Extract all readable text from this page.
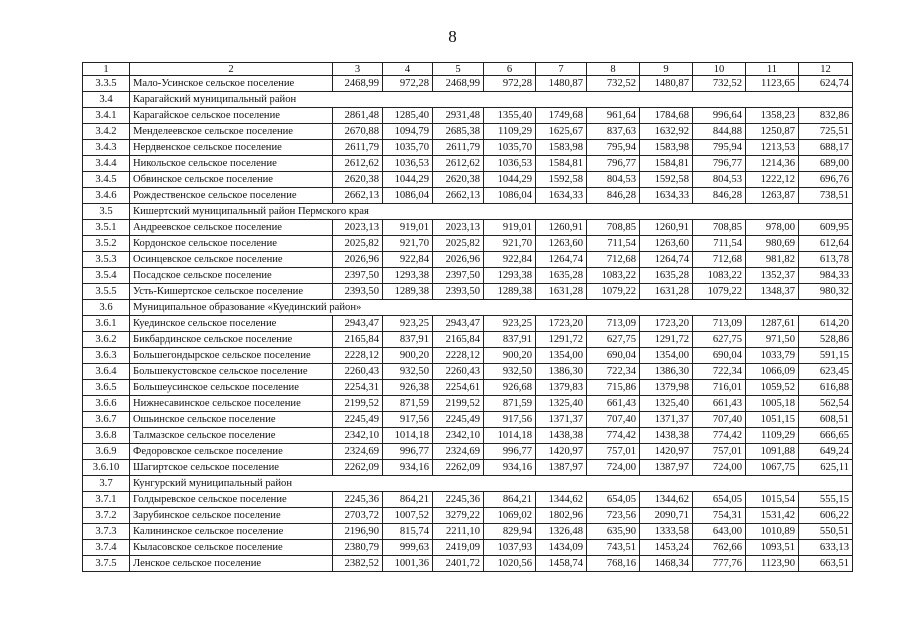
8
1	2	3	4	5	6	7	8	9	10	11	12
3.3.5	Мало-Усинское сельское поселение	2468,99	972,28	2468,99	972,28	1480,87	732,52	1480,87	732,52	1123,65	624,74
3.4	Карагайский муниципальный район										
3.4.1	Карагайское сельское поселение	2861,48	1285,40	2931,48	1355,40	1749,68	961,64	1784,68	996,64	1358,23	832,86
3.4.2	Менделеевское сельское поселение	2670,88	1094,79	2685,38	1109,29	1625,67	837,63	1632,92	844,88	1250,87	725,51
3.4.3	Нердвенское сельское поселение	2611,79	1035,70	2611,79	1035,70	1583,98	795,94	1583,98	795,94	1213,53	688,17
3.4.4	Никольское сельское поселение	2612,62	1036,53	2612,62	1036,53	1584,81	796,77	1584,81	796,77	1214,36	689,00
3.4.5	Обвинское сельское поселение	2620,38	1044,29	2620,38	1044,29	1592,58	804,53	1592,58	804,53	1222,12	696,76
3.4.6	Рождественское сельское поселение	2662,13	1086,04	2662,13	1086,04	1634,33	846,28	1634,33	846,28	1263,87	738,51
3.5	Кишертский муниципальный район Пермского края										
3.5.1	Андреевское сельское поселение	2023,13	919,01	2023,13	919,01	1260,91	708,85	1260,91	708,85	978,00	609,95
3.5.2	Кордонское сельское поселение	2025,82	921,70	2025,82	921,70	1263,60	711,54	1263,60	711,54	980,69	612,64
3.5.3	Осинцевское сельское поселение	2026,96	922,84	2026,96	922,84	1264,74	712,68	1264,74	712,68	981,82	613,78
3.5.4	Посадское сельское поселение	2397,50	1293,38	2397,50	1293,38	1635,28	1083,22	1635,28	1083,22	1352,37	984,33
3.5.5	Усть-Кишертское сельское поселение	2393,50	1289,38	2393,50	1289,38	1631,28	1079,22	1631,28	1079,22	1348,37	980,32
3.6	Муниципальное образование «Куединский район»										
3.6.1	Куединское сельское поселение	2943,47	923,25	2943,47	923,25	1723,20	713,09	1723,20	713,09	1287,61	614,20
3.6.2	Бикбардинское сельское поселение	2165,84	837,91	2165,84	837,91	1291,72	627,75	1291,72	627,75	971,50	528,86
3.6.3	Большегондырское сельское поселение	2228,12	900,20	2228,12	900,20	1354,00	690,04	1354,00	690,04	1033,79	591,15
3.6.4	Большекустовское сельское поселение	2260,43	932,50	2260,43	932,50	1386,30	722,34	1386,30	722,34	1066,09	623,45
3.6.5	Большеусинское сельское поселение	2254,31	926,38	2254,61	926,68	1379,83	715,86	1379,98	716,01	1059,52	616,88
3.6.6	Нижнесавинское сельское поселение	2199,52	871,59	2199,52	871,59	1325,40	661,43	1325,40	661,43	1005,18	562,54
3.6.7	Ошьинское сельское поселение	2245,49	917,56	2245,49	917,56	1371,37	707,40	1371,37	707,40	1051,15	608,51
3.6.8	Талмазское сельское поселение	2342,10	1014,18	2342,10	1014,18	1438,38	774,42	1438,38	774,42	1109,29	666,65
3.6.9	Федоровское сельское поселение	2324,69	996,77	2324,69	996,77	1420,97	757,01	1420,97	757,01	1091,88	649,24
3.6.10	Шагиртское сельское поселение	2262,09	934,16	2262,09	934,16	1387,97	724,00	1387,97	724,00	1067,75	625,11
3.7	Кунгурский муниципальный район										
3.7.1	Голдыревское сельское поселение	2245,36	864,21	2245,36	864,21	1344,62	654,05	1344,62	654,05	1015,54	555,15
3.7.2	Зарубинское сельское поселение	2703,72	1007,52	3279,22	1069,02	1802,96	723,56	2090,71	754,31	1531,42	606,22
3.7.3	Калининское сельское поселение	2196,90	815,74	2211,10	829,94	1326,48	635,90	1333,58	643,00	1010,89	550,51
3.7.4	Кыласовское сельское поселение	2380,79	999,63	2419,09	1037,93	1434,09	743,51	1453,24	762,66	1093,51	633,13
3.7.5	Ленское сельское поселение	2382,52	1001,36	2401,72	1020,56	1458,74	768,16	1468,34	777,76	1123,90	663,51
